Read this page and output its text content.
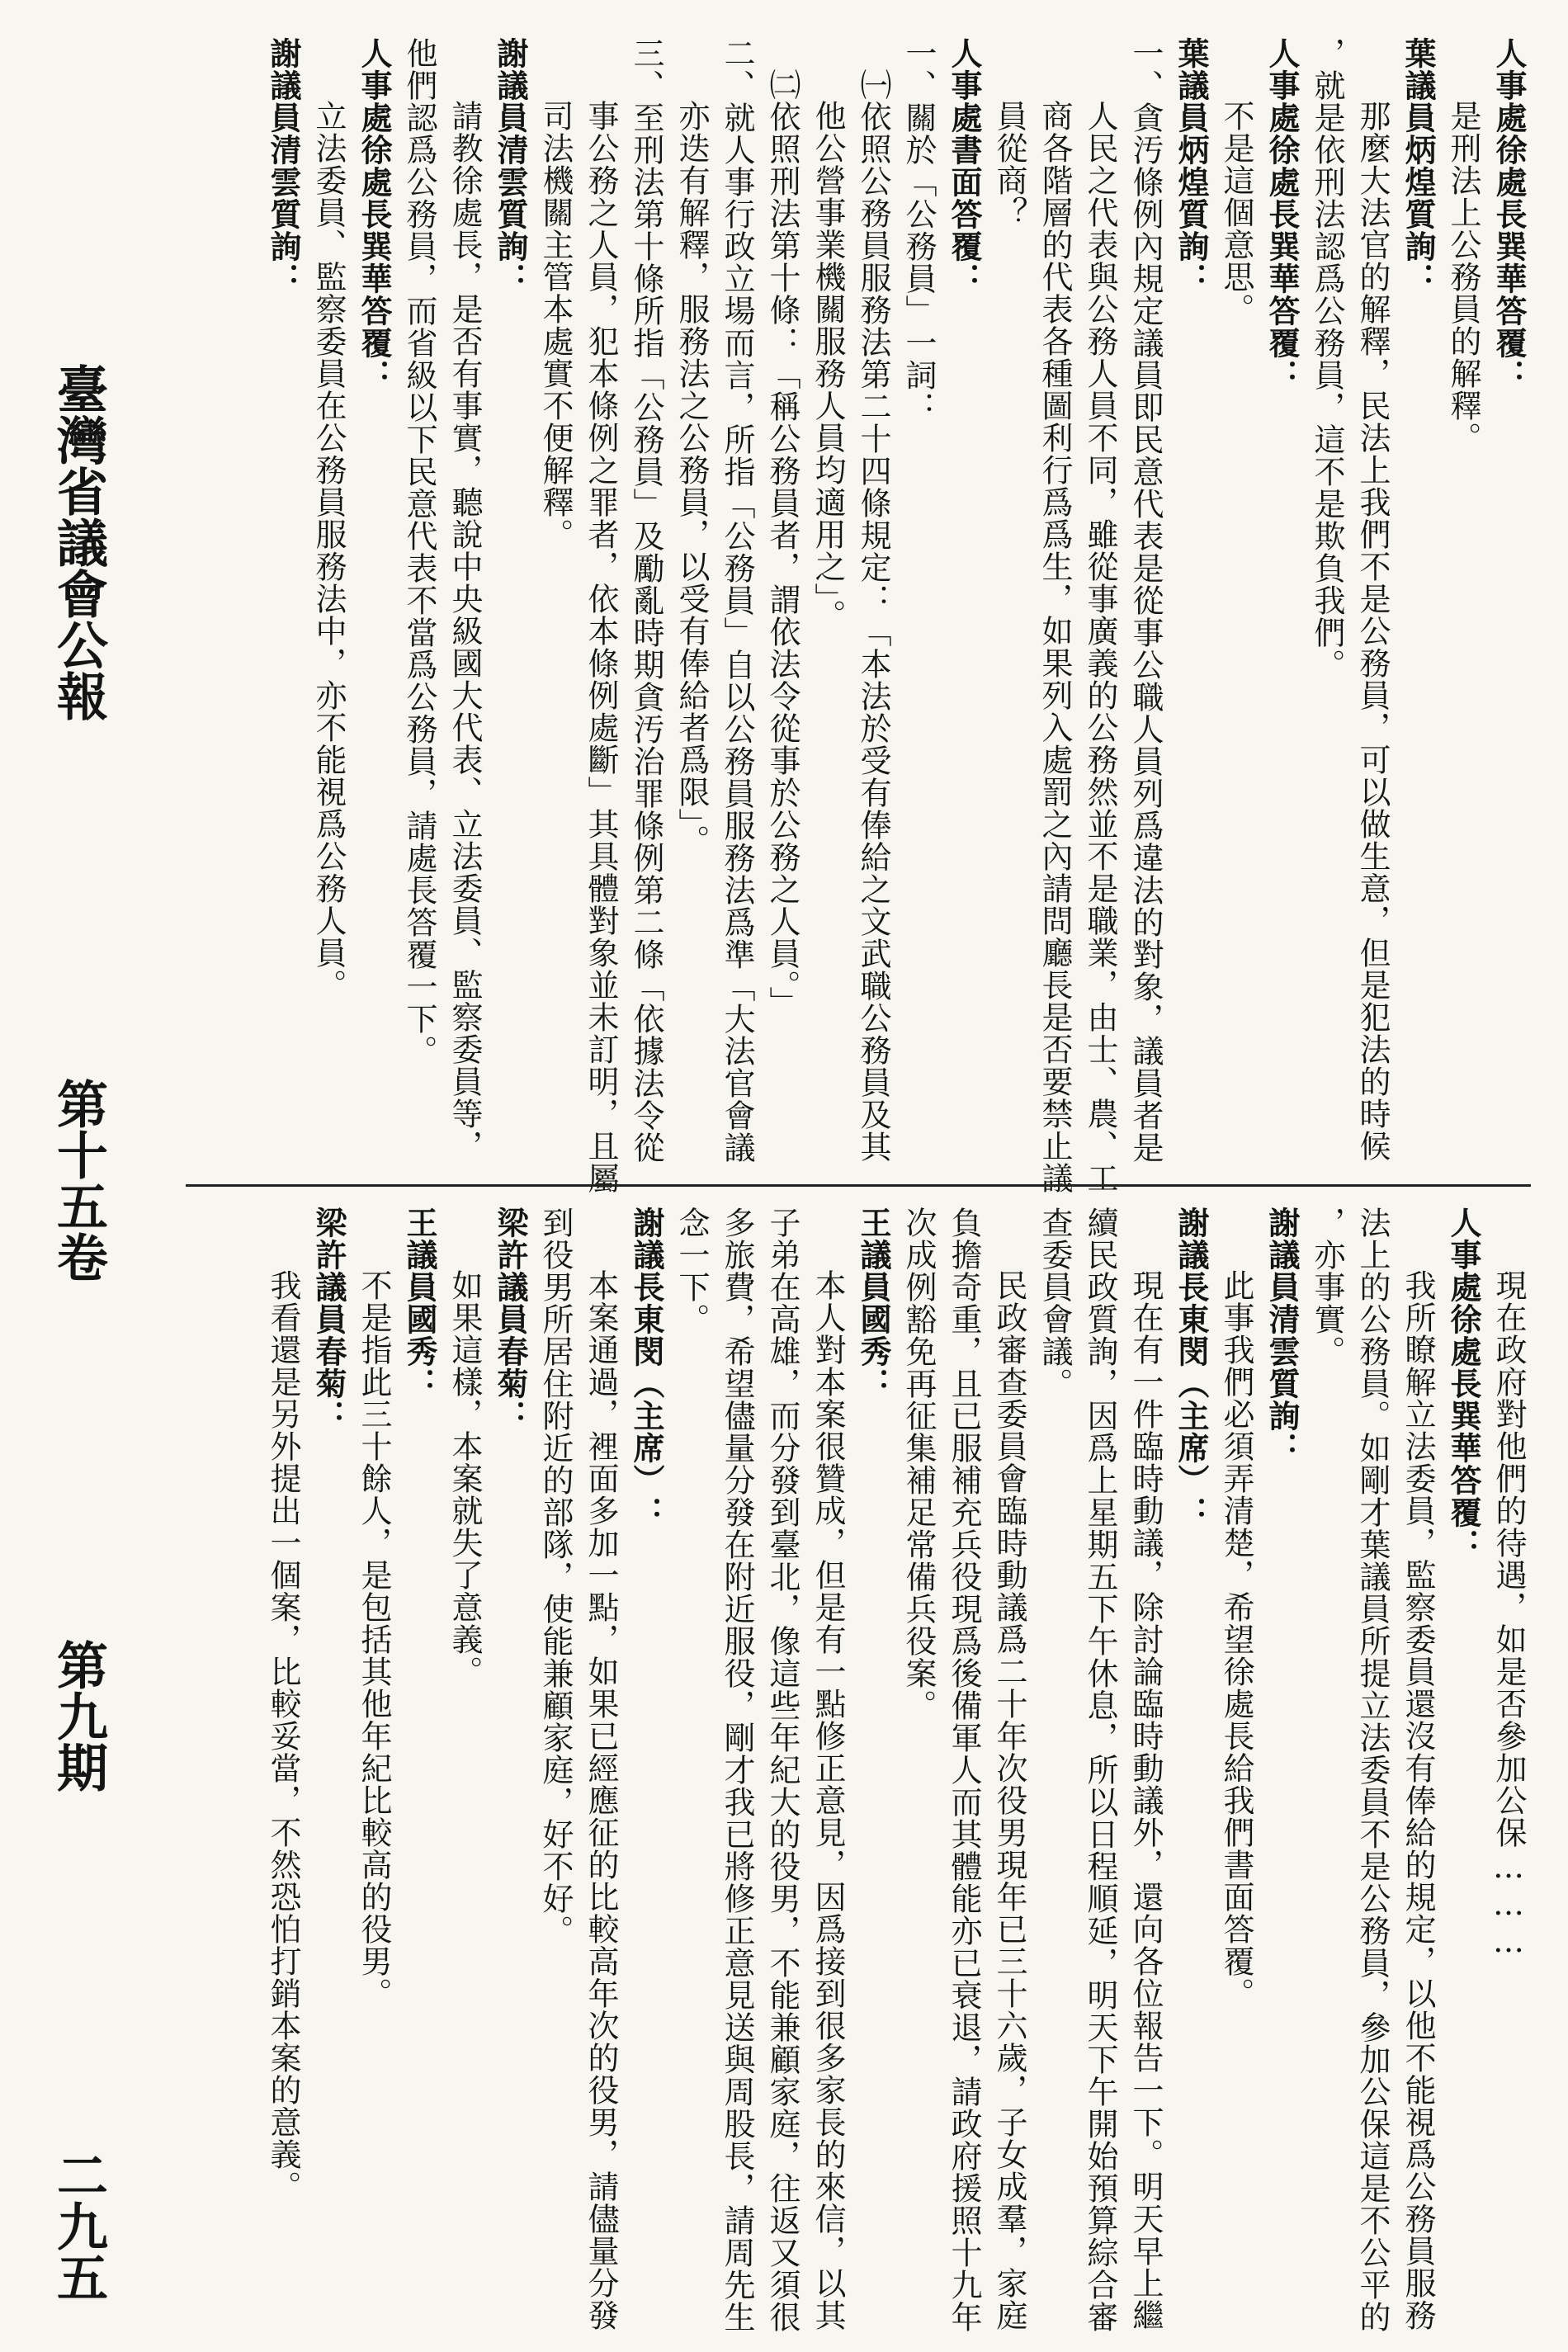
人事處徐處長巽華答覆：
是刑法上公務員的解釋。
葉議員炳煌質詢：
那麼大法官的解釋，民法上我們不是公務員，可以做生意，但是犯法的時候
，就是依刑法認爲公務員，這不是欺負我們。
人事處徐處長巽華答覆：
不是這個意思。
葉議員炳煌質詢：
一、貪汚條例內規定議員即民意代表是從事公職人員列爲違法的對象，議員者是
人民之代表與公務人員不同，雖從事廣義的公務然並不是職業，由士、農、工
商各階層的代表各種圖利行爲爲生，如果列入處罰之內請問廳長是否要禁止議
員從商？
人事處書面答覆：
一、關於「公務員」一詞：
㈠依照公務員服務法第二十四條規定：「本法於受有俸給之文武職公務員及其
他公營事業機關服務人員均適用之」。
㈡依照刑法第十條：「稱公務員者，謂依法令從事於公務之人員。」
二、就人事行政立場而言，所指「公務員」自以公務員服務法爲準「大法官會議
亦迭有解釋，服務法之公務員，以受有俸給者爲限」。
三、至刑法第十條所指「公務員」及勵亂時期貪汚治罪條例第二條「依據法令從
事公務之人員，犯本條例之罪者，依本條例處斷」其具體對象並未訂明，且屬
司法機關主管本處實不便解釋。
謝議員清雲質詢：
請教徐處長，是否有事實，聽說中央級國大代表、立法委員、監察委員等，
他們認爲公務員，而省級以下民意代表不當爲公務員，請處長答覆一下。
人事處徐處長巽華答覆：
立法委員、監察委員在公務員服務法中，亦不能視爲公務人員。
謝議員清雲質詢：
現在政府對他們的待遇，如是否參加公保………
人事處徐處長巽華答覆：
我所瞭解立法委員，監察委員還沒有俸給的規定，以他不能視爲公務員服務
法上的公務員。如剛才葉議員所提立法委員不是公務員，參加公保這是不公平的
，亦事實。
謝議員清雲質詢：
此事我們必須弄清楚，希望徐處長給我們書面答覆。
謝議長東閔（主席）：
現在有一件臨時動議，除討論臨時動議外，還向各位報告一下。明天早上繼
續民政質詢，因爲上星期五下午休息，所以日程順延，明天下午開始預算綜合審
查委員會議。
民政審查委員會臨時動議爲二十年次役男現年已三十六歲，子女成羣，家庭
負擔奇重，且已服補充兵役現爲後備軍人而其體能亦已衰退，請政府援照十九年
次成例豁免再征集補足常備兵役案。
王議員國秀：
本人對本案很贊成，但是有一點修正意見，因爲接到很多家長的來信，以其
子弟在高雄，而分發到臺北，像這些年紀大的役男，不能兼顧家庭，往返又須很
多旅費，希望儘量分發在附近服役，剛才我已將修正意見送與周股長，請周先生
念一下。
謝議長東閔（主席）：
本案通過，裡面多加一點，如果已經應征的比較高年次的役男，請儘量分發
到役男所居住附近的部隊，使能兼顧家庭，好不好。
梁許議員春菊：
如果這樣，本案就失了意義。
王議員國秀：
不是指此三十餘人，是包括其他年紀比較高的役男。
梁許議員春菊：
我看還是另外提出一個案，比較妥當，不然恐怕打銷本案的意義。
臺灣省議會公報
第十五卷
第九期
二九五
